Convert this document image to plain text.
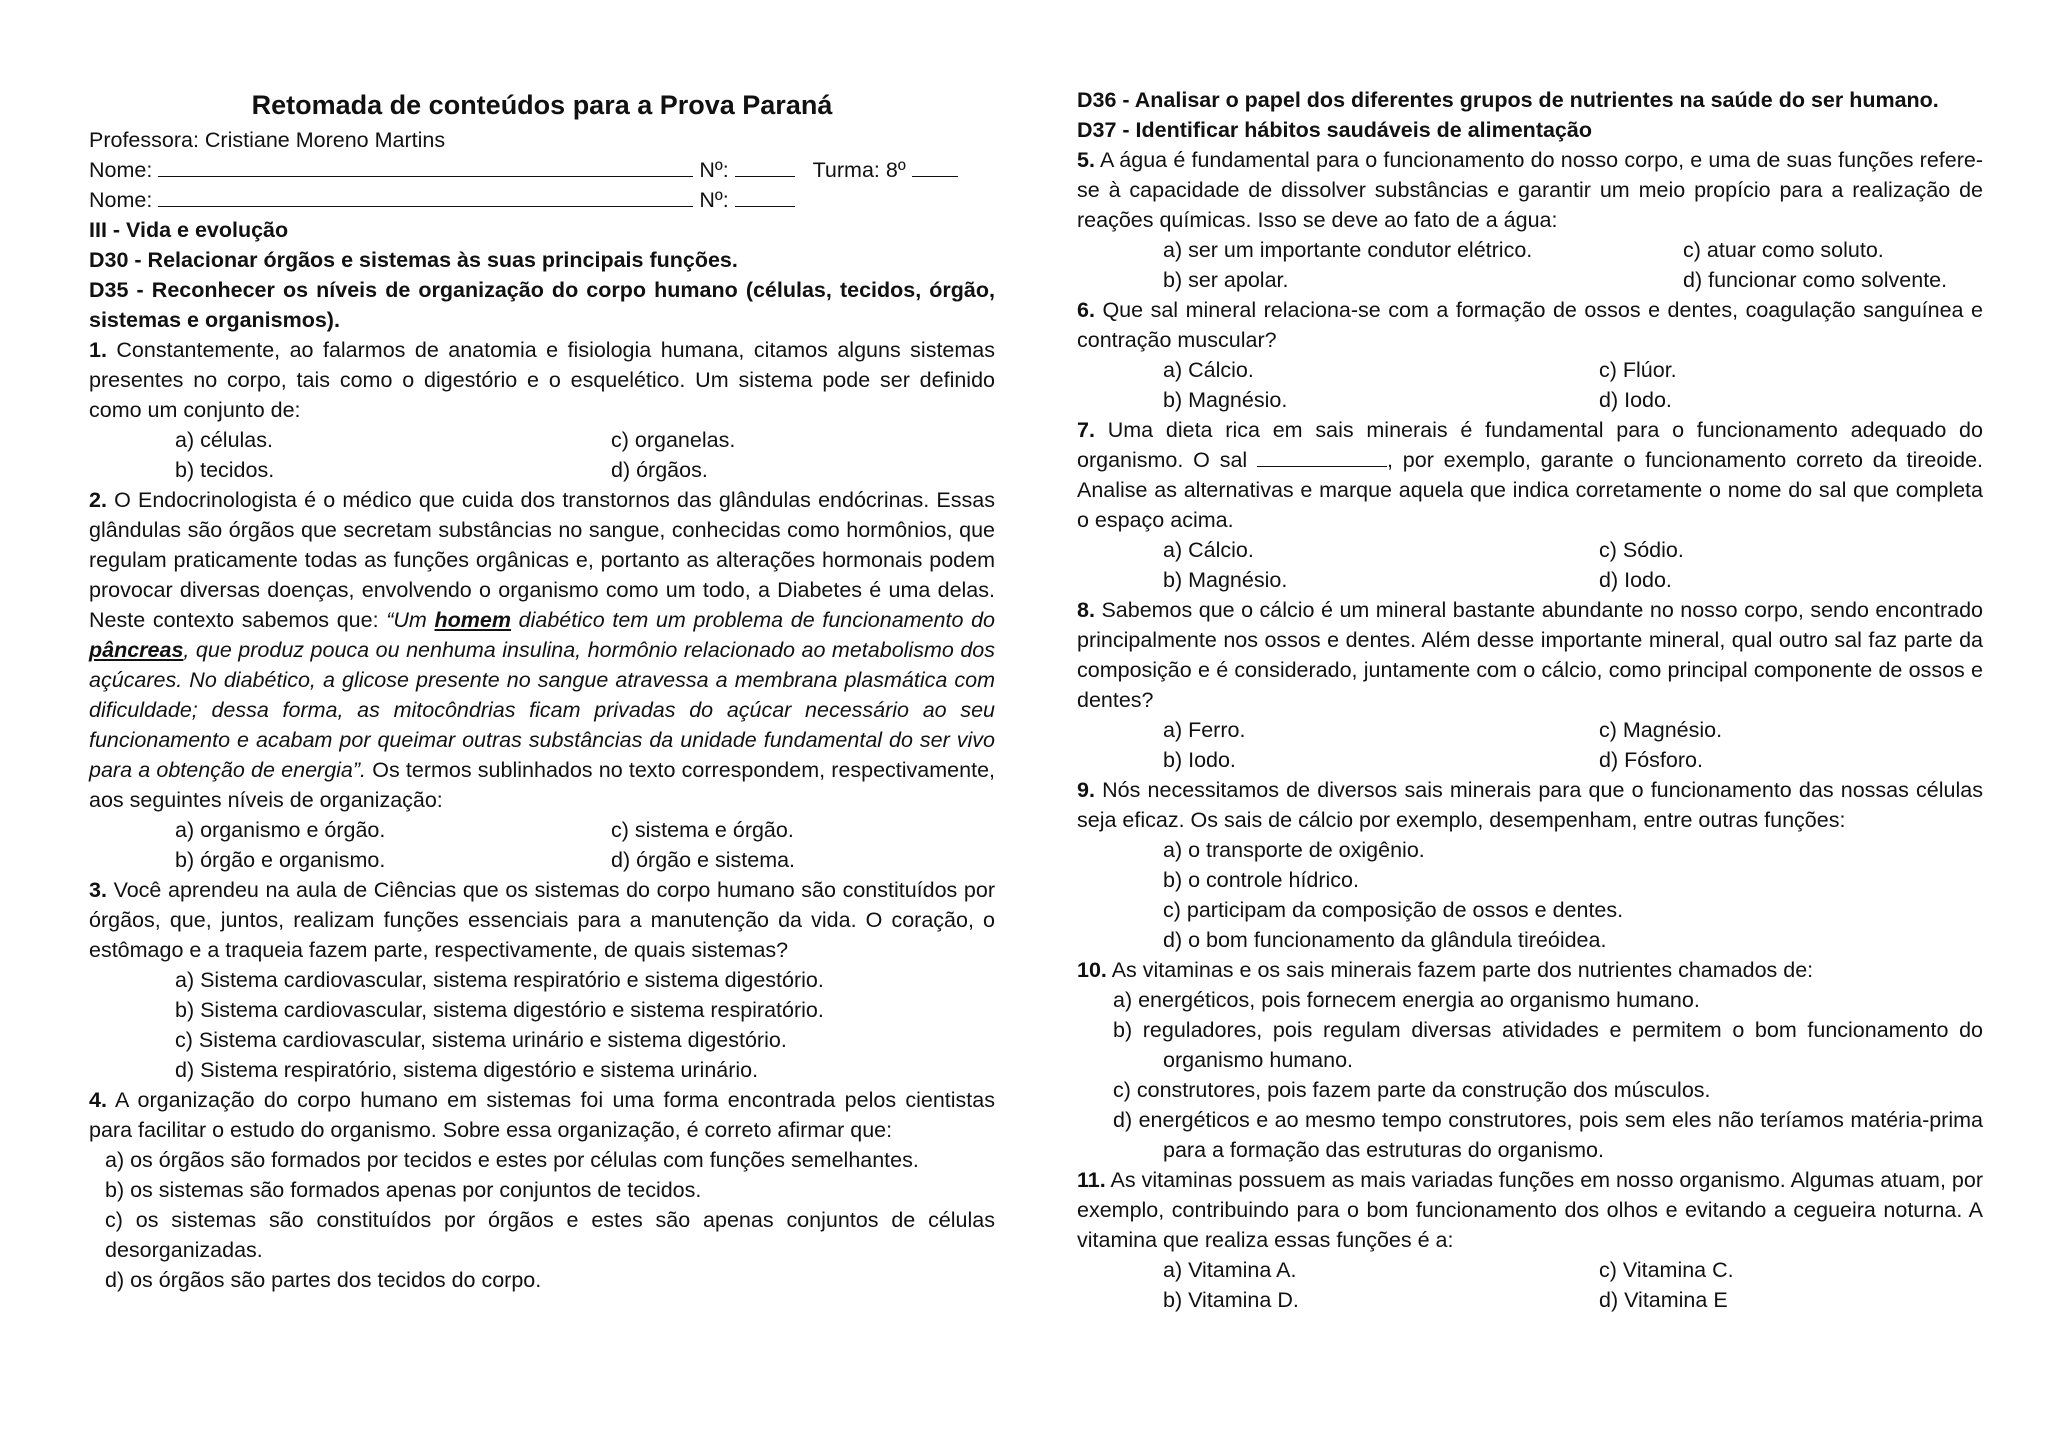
Retomada de conteúdos para a Prova Paraná
Professora: Cristiane Moreno Martins
Nome:	Nº:	Turma: 8º
Nome:	Nº:
III - Vida e evolução
D30 - Relacionar órgãos e sistemas às suas principais funções.
D35 - Reconhecer os níveis de organização do corpo humano (células, tecidos, órgão, sistemas e organismos).
1. Constantemente, ao falarmos de anatomia e fisiologia humana, citamos alguns sistemas presentes no corpo, tais como o digestório e o esquelético. Um sistema pode ser definido como um conjunto de:
a) células.	c) organelas.
b) tecidos.	d) órgãos.
2. O Endocrinologista é o médico que cuida dos transtornos das glândulas endócrinas. Essas glândulas são órgãos que secretam substâncias no sangue, conhecidas como hormônios, que regulam praticamente todas as funções orgânicas e, portanto as alterações hormonais podem provocar diversas doenças, envolvendo o organismo como um todo, a Diabetes é uma delas. Neste contexto sabemos que: “Um homem diabético tem um problema de funcionamento do pâncreas, que produz pouca ou nenhuma insulina, hormônio relacionado ao metabolismo dos açúcares. No diabético, a glicose presente no sangue atravessa a membrana plasmática com dificuldade; dessa forma, as mitocôndrias ficam privadas do açúcar necessário ao seu funcionamento e acabam por queimar outras substâncias da unidade fundamental do ser vivo para a obtenção de energia”. Os termos sublinhados no texto correspondem, respectivamente, aos seguintes níveis de organização:
a) organismo e órgão.	c) sistema e órgão.
b) órgão e organismo.	d) órgão e sistema.
3. Você aprendeu na aula de Ciências que os sistemas do corpo humano são constituídos por órgãos, que, juntos, realizam funções essenciais para a manutenção da vida. O coração, o estômago e a traqueia fazem parte, respectivamente, de quais sistemas?
a) Sistema cardiovascular, sistema respiratório e sistema digestório.
b) Sistema cardiovascular, sistema digestório e sistema respiratório.
c) Sistema cardiovascular, sistema urinário e sistema digestório.
d) Sistema respiratório, sistema digestório e sistema urinário.
4. A organização do corpo humano em sistemas foi uma forma encontrada pelos cientistas para facilitar o estudo do organismo. Sobre essa organização, é correto afirmar que:
a) os órgãos são formados por tecidos e estes por células com funções semelhantes.
b) os sistemas são formados apenas por conjuntos de tecidos.
c) os sistemas são constituídos por órgãos e estes são apenas conjuntos de células desorganizadas.
d) os órgãos são partes dos tecidos do corpo.
D36 - Analisar o papel dos diferentes grupos de nutrientes na saúde do ser humano.
D37 - Identificar hábitos saudáveis de alimentação
5. A água é fundamental para o funcionamento do nosso corpo, e uma de suas funções refere-se à capacidade de dissolver substâncias e garantir um meio propício para a realização de reações químicas. Isso se deve ao fato de a água:
a) ser um importante condutor elétrico.	c) atuar como soluto.
b) ser apolar.	d) funcionar como solvente.
6. Que sal mineral relaciona-se com a formação de ossos e dentes, coagulação sanguínea e contração muscular?
a) Cálcio.	c) Flúor.
b) Magnésio.	d) Iodo.
7. Uma dieta rica em sais minerais é fundamental para o funcionamento adequado do organismo. O sal	, por exemplo, garante o funcionamento correto da tireoide. Analise as alternativas e marque aquela que indica corretamente o nome do sal que completa o espaço acima.
a) Cálcio.	c) Sódio.
b) Magnésio.	d) Iodo.
8. Sabemos que o cálcio é um mineral bastante abundante no nosso corpo, sendo encontrado principalmente nos ossos e dentes. Além desse importante mineral, qual outro sal faz parte da composição e é considerado, juntamente com o cálcio, como principal componente de ossos e dentes?
a) Ferro.	c) Magnésio.
b) Iodo.	d) Fósforo.
9. Nós necessitamos de diversos sais minerais para que o funcionamento das nossas células seja eficaz. Os sais de cálcio por exemplo, desempenham, entre outras funções:
a) o transporte de oxigênio.
b) o controle hídrico.
c) participam da composição de ossos e dentes.
d) o bom funcionamento da glândula tireóidea.
10. As vitaminas e os sais minerais fazem parte dos nutrientes chamados de:
a) energéticos, pois fornecem energia ao organismo humano.
b) reguladores, pois regulam diversas atividades e permitem o bom funcionamento do organismo humano.
c) construtores, pois fazem parte da construção dos músculos.
d) energéticos e ao mesmo tempo construtores, pois sem eles não teríamos matéria-prima para a formação das estruturas do organismo.
11. As vitaminas possuem as mais variadas funções em nosso organismo. Algumas atuam, por exemplo, contribuindo para o bom funcionamento dos olhos e evitando a cegueira noturna. A vitamina que realiza essas funções é a:
a) Vitamina A.	c) Vitamina C.
b) Vitamina D.	d) Vitamina E
